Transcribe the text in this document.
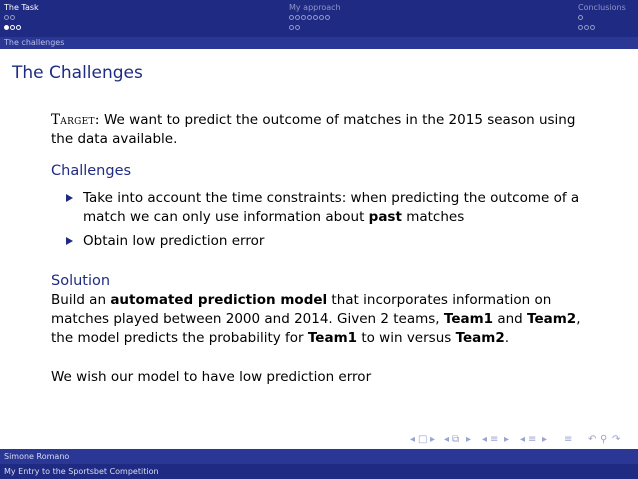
The Task	My approach	Conclusions
The challenges
The Challenges
Target: We want to predict the outcome of matches in the 2015 season using the data available.
Challenges
Take into account the time constraints: when predicting the outcome of a match we can only use information about past matches
Obtain low prediction error
Solution
Build an automated prediction model that incorporates information on matches played between 2000 and 2014. Given 2 teams, Team1 and Team2, the model predicts the probability for Team1 to win versus Team2.
We wish our model to have low prediction error
◂ □ ▸ ◂ ⧉ ▸ ◂ ≡ ▸ ◂ ≡ ▸ ≡ ↶ ⚲ ↷
Simone Romano
My Entry to the Sportsbet Competition
